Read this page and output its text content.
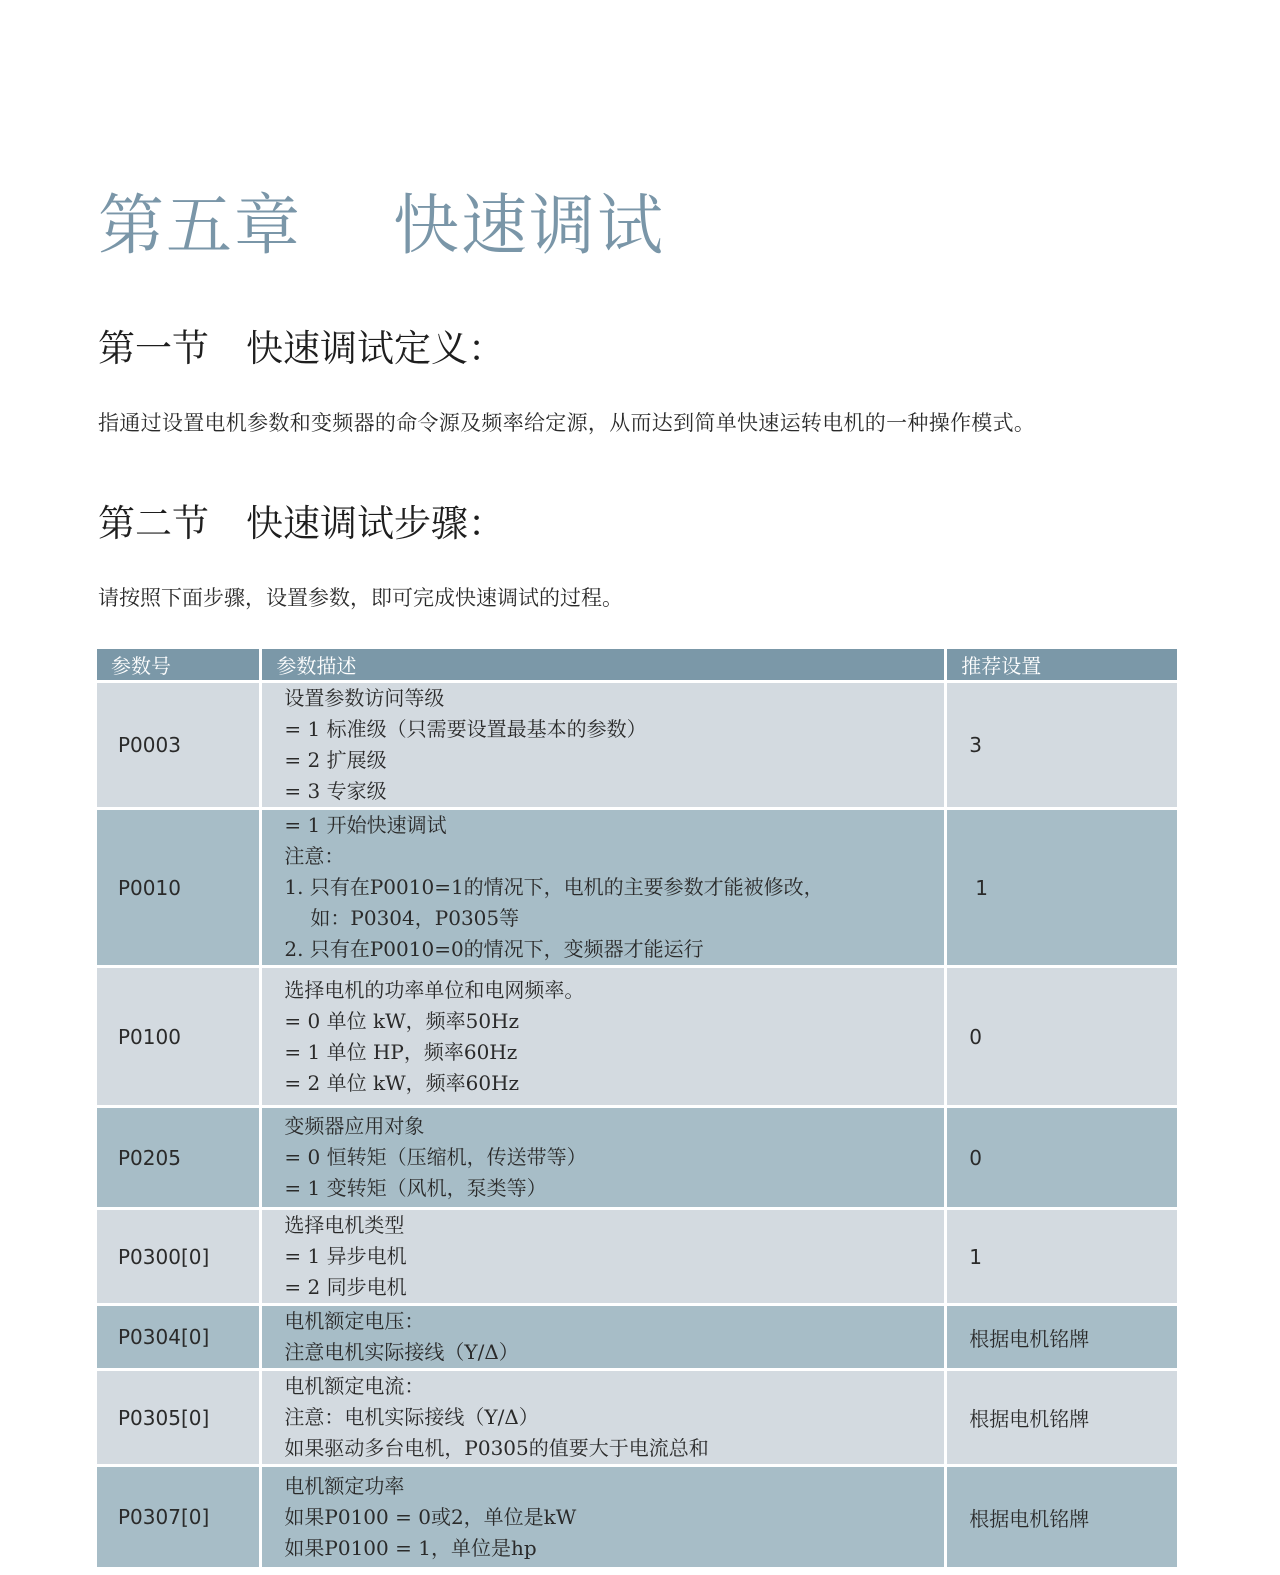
第五章　 快速调试
第一节　快速调试定义：

指通过设置电机参数和变频器的命令源及频率给定源，从而达到简单快速运转电机的一种操作模式。

第二节　快速调试步骤：

请按照下面步骤，设置参数，即可完成快速调试的过程。

参数号	参数描述	推荐设置
P0003	设置参数访问等级
= 1 标准级（只需要设置最基本的参数）
= 2 扩展级
= 3 专家级	3
P0010	= 1 开始快速调试
注意：
1. 只有在P0010=1的情况下，电机的主要参数才能被修改，
如：P0304，P0305等
2. 只有在P0010=0的情况下，变频器才能运行	1
P0100	选择电机的功率单位和电网频率。
= 0 单位 kW，频率50Hz
= 1 单位 HP，频率60Hz
= 2 单位 kW，频率60Hz	0
P0205	变频器应用对象
= 0 恒转矩（压缩机，传送带等）
= 1 变转矩（风机，泵类等）	0
P0300[0]	选择电机类型
= 1 异步电机
= 2 同步电机	1
P0304[0]	电机额定电压：
注意电机实际接线（Y/Δ）	根据电机铭牌
P0305[0]	电机额定电流：
注意：电机实际接线（Y/Δ）
如果驱动多台电机，P0305的值要大于电流总和	根据电机铭牌
P0307[0]	电机额定功率
如果P0100 = 0或2，单位是kW
如果P0100 = 1，单位是hp	根据电机铭牌
